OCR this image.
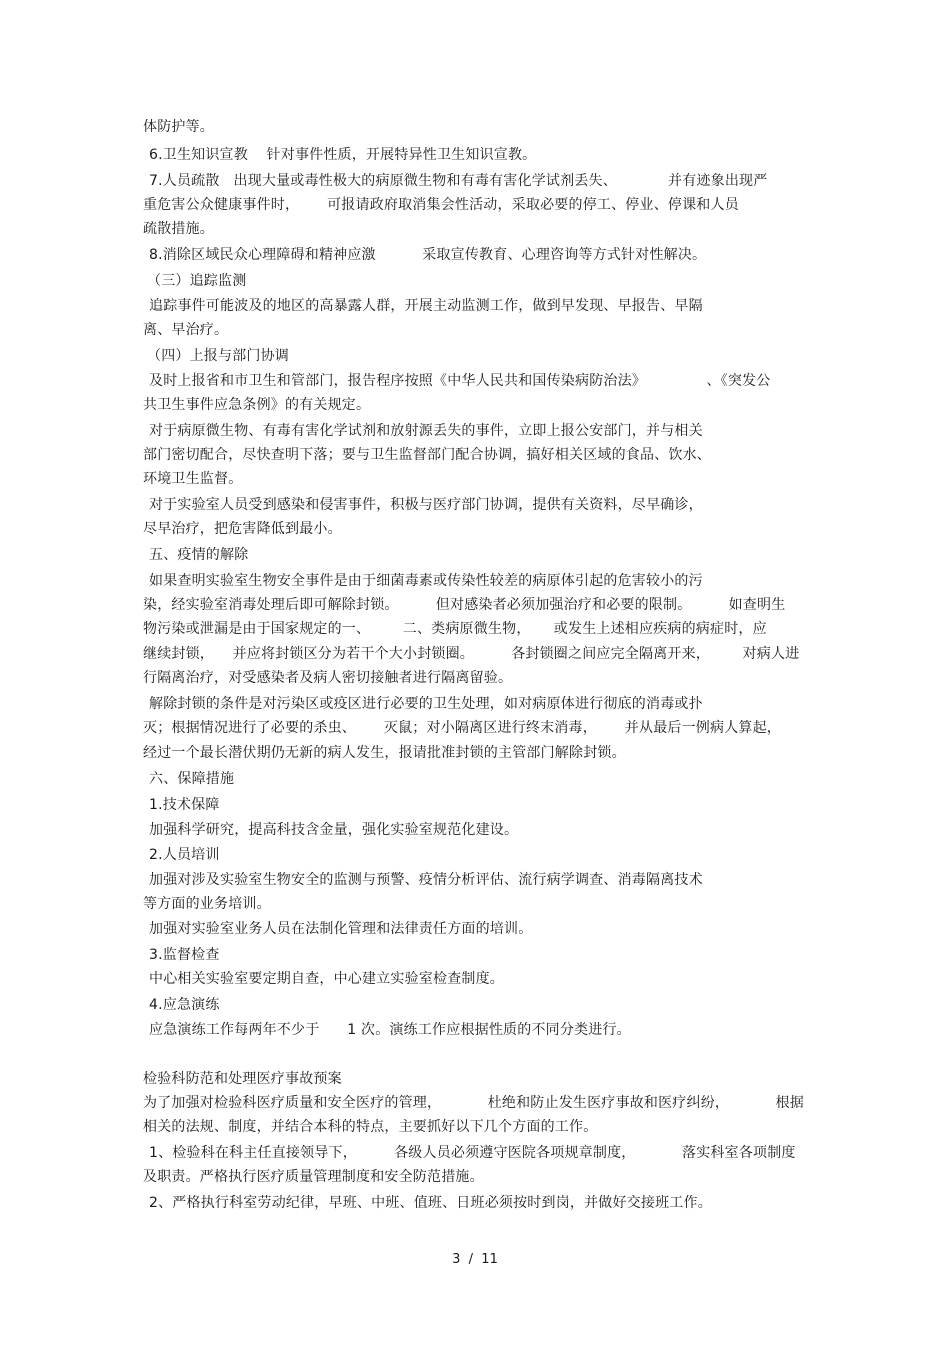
体防护等。
6.卫生知识宣教    针对事件性质，开展特异性卫生知识宣教。
7.人员疏散   出现大量或毒性极大的病原微生物和有毒有害化学试剂丢失、           并有迹象出现严
重危害公众健康事件时，      可报请政府取消集会性活动，采取必要的停工、停业、停课和人员
疏散措施。
8.消除区域民众心理障碍和精神应激          采取宣传教育、心理咨询等方式针对性解决。
（三）追踪监测
追踪事件可能波及的地区的高暴露人群，开展主动监测工作，做到早发现、早报告、早隔
离、早治疗。
（四）上报与部门协调
及时上报省和市卫生和管部门，报告程序按照《中华人民共和国传染病防治法》             、《突发公
共卫生事件应急条例》的有关规定。
对于病原微生物、有毒有害化学试剂和放射源丢失的事件，立即上报公安部门，并与相关
部门密切配合，尽快查明下落；要与卫生监督部门配合协调，搞好相关区域的食品、饮水、
环境卫生监督。
对于实验室人员受到感染和侵害事件，积极与医疗部门协调，提供有关资料，尽早确诊，
尽早治疗，把危害降低到最小。
五、疫情的解除
如果查明实验室生物安全事件是由于细菌毒素或传染性较差的病原体引起的危害较小的污
染，经实验室消毒处理后即可解除封锁。        但对感染者必须加强治疗和必要的限制。        如查明生
物污染或泄漏是由于国家规定的一、       二、类病原微生物，     或发生上述相应疾病的病症时，应
继续封锁，    并应将封锁区分为若干个大小封锁圈。        各封锁圈之间应完全隔离开来，       对病人进
行隔离治疗，对受感染者及病人密切接触者进行隔离留验。
解除封锁的条件是对污染区或疫区进行必要的卫生处理，如对病原体进行彻底的消毒或扑
灭；根据情况进行了必要的杀虫、      灭鼠；对小隔离区进行终末消毒，      并从最后一例病人算起，
经过一个最长潜伏期仍无新的病人发生，报请批准封锁的主管部门解除封锁。
六、保障措施
1.技术保障
加强科学研究，提高科技含金量，强化实验室规范化建设。
2.人员培训
加强对涉及实验室生物安全的监测与预警、疫情分析评估、流行病学调查、消毒隔离技术
等方面的业务培训。
加强对实验室业务人员在法制化管理和法律责任方面的培训。
3.监督检查
中心相关实验室要定期自查，中心建立实验室检查制度。
4.应急演练
应急演练工作每两年不少于      1 次。演练工作应根据性质的不同分类进行。
检验科防范和处理医疗事故预案
为了加强对检验科医疗质量和安全医疗的管理，          杜绝和防止发生医疗事故和医疗纠纷，          根据
相关的法规、制度，并结合本科的特点，主要抓好以下几个方面的工作。
1、检验科在科主任直接领导下，        各级人员必须遵守医院各项规章制度，          落实科室各项制度
及职责。严格执行医疗质量管理制度和安全防范措施。
2、严格执行科室劳动纪律，早班、中班、值班、日班必须按时到岗，并做好交接班工作。
3  /  11
